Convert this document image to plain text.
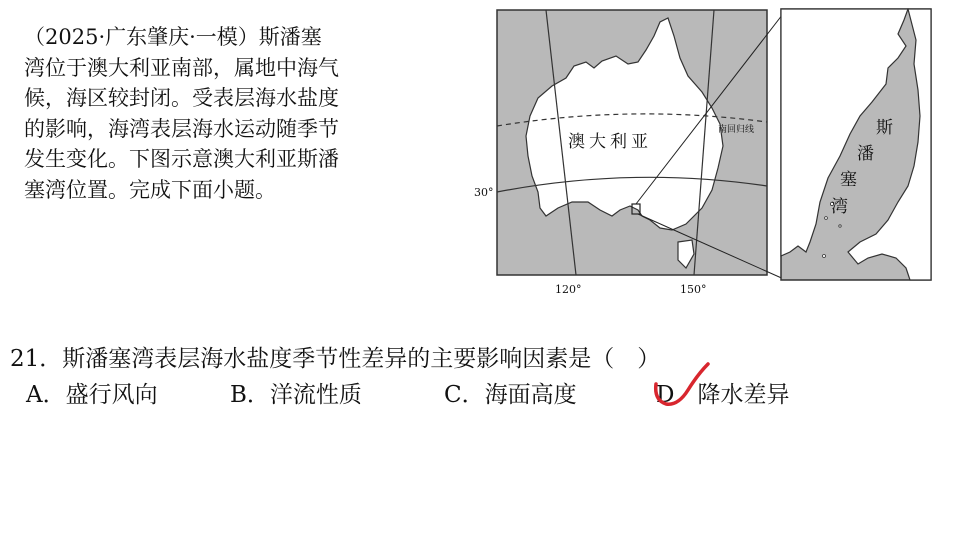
（2025·广东肇庆·一模）斯潘塞
湾位于澳大利亚南部，属地中海气
候，海区较封闭。受表层海水盐度
的影响，海湾表层海水运动随季节
发生变化。下图示意澳大利亚斯潘
塞湾位置。完成下面小题。
澳大利亚
南回归线
30°
120°	150°
斯
潘
塞
湾
21．斯潘塞湾表层海水盐度季节性差异的主要影响因素是（　）
A．盛行风向	B．洋流性质	C．海面高度	D．降水差异
